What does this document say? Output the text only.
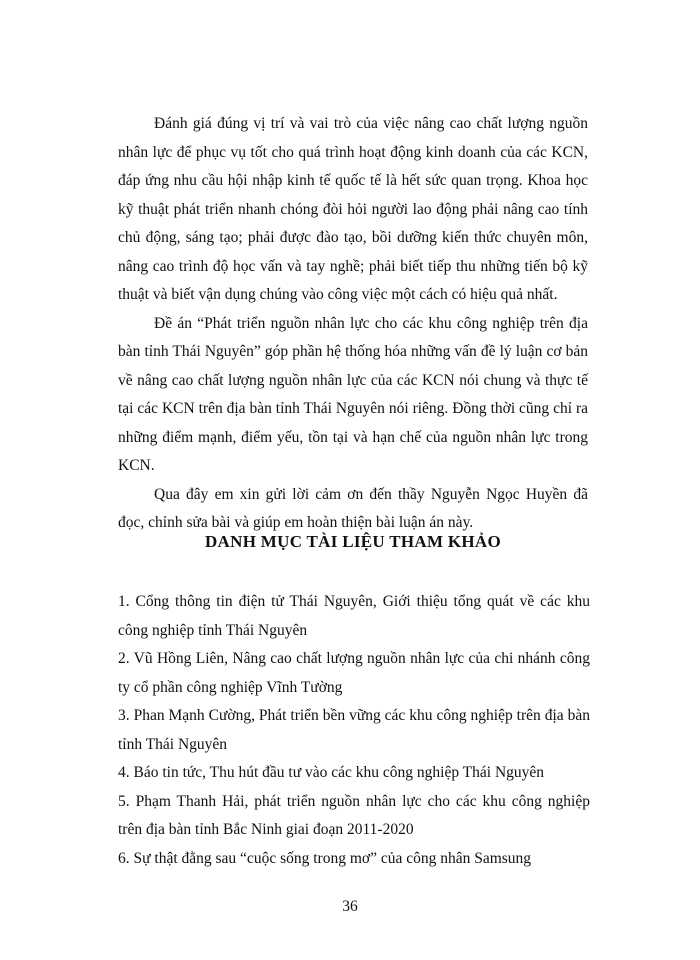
Đánh giá đúng vị trí và vai trò của việc nâng cao chất lượng nguồn nhân lực để phục vụ tốt cho quá trình hoạt động kinh doanh của các KCN, đáp ứng nhu cầu hội nhập kinh tế quốc tế là hết sức quan trọng. Khoa học kỹ thuật phát triển nhanh chóng đòi hỏi người lao động phải nâng cao tính chủ động, sáng tạo; phải được đào tạo, bồi dưỡng kiến thức chuyên môn, nâng cao trình độ học vấn và tay nghề; phải biết tiếp thu những tiến bộ kỹ thuật và biết vận dụng chúng vào công việc một cách có hiệu quả nhất.

Đề án “Phát triển nguồn nhân lực cho các khu công nghiệp trên địa bàn tỉnh Thái Nguyên” góp phần hệ thống hóa những vấn đề lý luận cơ bản về nâng cao chất lượng nguồn nhân lực của các KCN nói chung và thực tế tại các KCN trên địa bàn tỉnh Thái Nguyên nói riêng. Đồng thời cũng chỉ ra những điểm mạnh, điểm yếu, tồn tại và hạn chế của nguồn nhân lực trong KCN.

Qua đây em xin gửi lời cảm ơn đến thầy Nguyễn Ngọc Huyền đã đọc, chỉnh sửa bài và giúp em hoàn thiện bài luận án này.

DANH MỤC TÀI LIỆU THAM KHẢO
1. Cổng thông tin điện tử Thái Nguyên, Giới thiệu tổng quát về các khu công nghiệp tỉnh Thái Nguyên
2. Vũ Hồng Liên, Nâng cao chất lượng nguồn nhân lực của chi nhánh công ty cổ phần công nghiệp Vĩnh Tường
3. Phan Mạnh Cường, Phát triển bền vững các khu công nghiệp trên địa bàn tỉnh Thái Nguyên
4. Báo tin tức, Thu hút đầu tư vào các khu công nghiệp Thái Nguyên
5. Phạm Thanh Hải, phát triển nguồn nhân lực cho các khu công nghiệp trên địa bàn tỉnh Bắc Ninh giai đoạn 2011-2020
6. Sự thật đằng sau “cuộc sống trong mơ” của công nhân Samsung
36
